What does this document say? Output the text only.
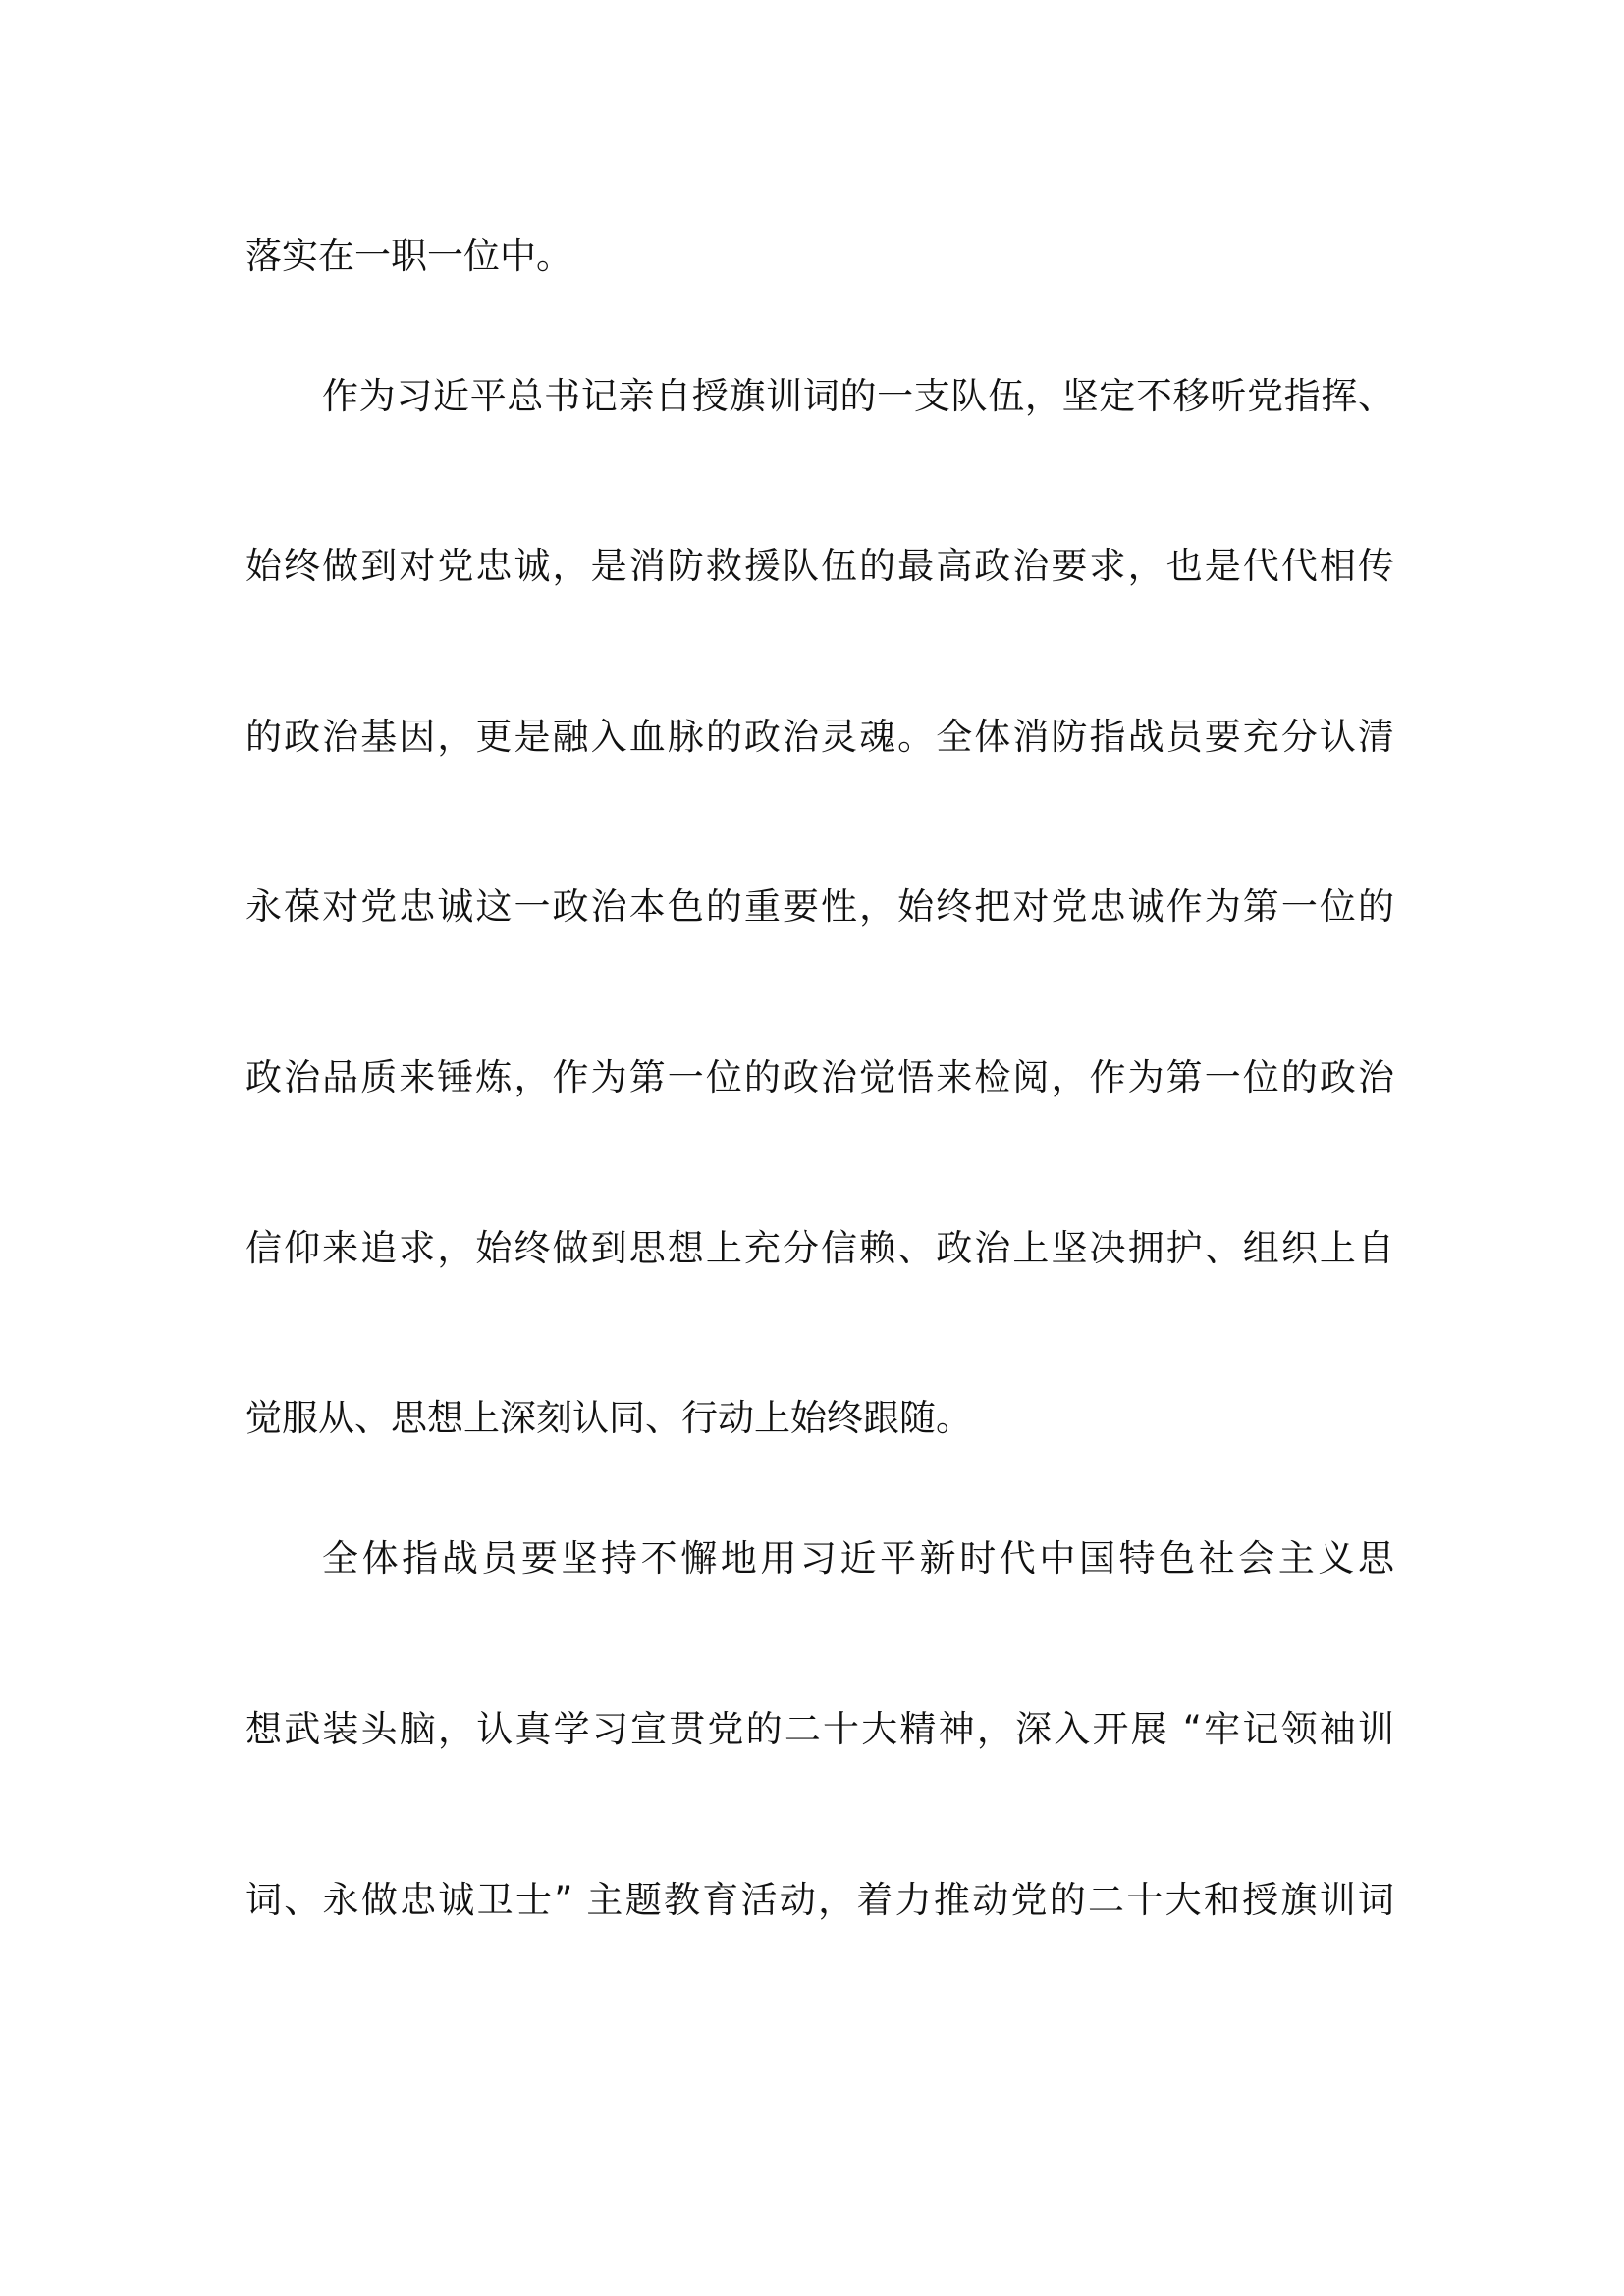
落实在一职一位中。
作为习近平总书记亲自授旗训词的一支队伍，坚定不移听党指挥、
始终做到对党忠诚，是消防救援队伍的最高政治要求，也是代代相传
的政治基因，更是融入血脉的政治灵魂。全体消防指战员要充分认清
永葆对党忠诚这一政治本色的重要性，始终把对党忠诚作为第一位的
政治品质来锤炼，作为第一位的政治觉悟来检阅，作为第一位的政治
信仰来追求，始终做到思想上充分信赖、政治上坚决拥护、组织上自
觉服从、思想上深刻认同、行动上始终跟随。
全体指战员要坚持不懈地用习近平新时代中国特色社会主义思
想武装头脑，认真学习宣贯党的二十大精神，深入开展 “牢记领袖训
词、永做忠诚卫士” 主题教育活动，着力推动党的二十大和授旗训词
